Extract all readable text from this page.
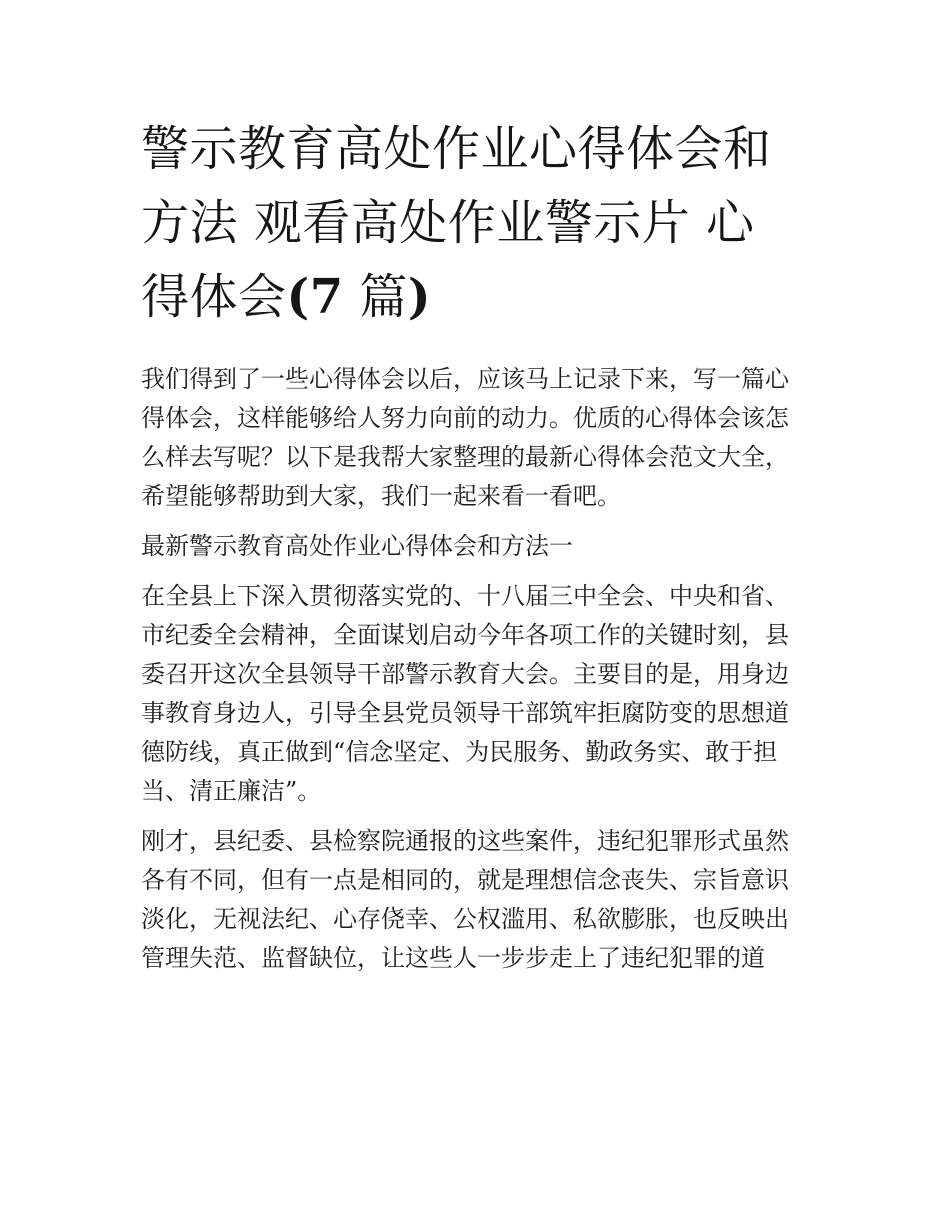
警示教育高处作业心得体会和
方法 观看高处作业警示片 心
得体会(7 篇)

我们得到了一些心得体会以后，应该马上记录下来，写一篇心
得体会，这样能够给人努力向前的动力。优质的心得体会该怎
么样去写呢？以下是我帮大家整理的最新心得体会范文大全，
希望能够帮助到大家，我们一起来看一看吧。

最新警示教育高处作业心得体会和方法一

在全县上下深入贯彻落实党的、十八届三中全会、中央和省、
市纪委全会精神，全面谋划启动今年各项工作的关键时刻，县
委召开这次全县领导干部警示教育大会。主要目的是，用身边
事教育身边人，引导全县党员领导干部筑牢拒腐防变的思想道
德防线，真正做到“信念坚定、为民服务、勤政务实、敢于担
当、清正廉洁”。

刚才，县纪委、县检察院通报的这些案件，违纪犯罪形式虽然
各有不同，但有一点是相同的，就是理想信念丧失、宗旨意识
淡化，无视法纪、心存侥幸、公权滥用、私欲膨胀，也反映出
管理失范、监督缺位，让这些人一步步走上了违纪犯罪的道
